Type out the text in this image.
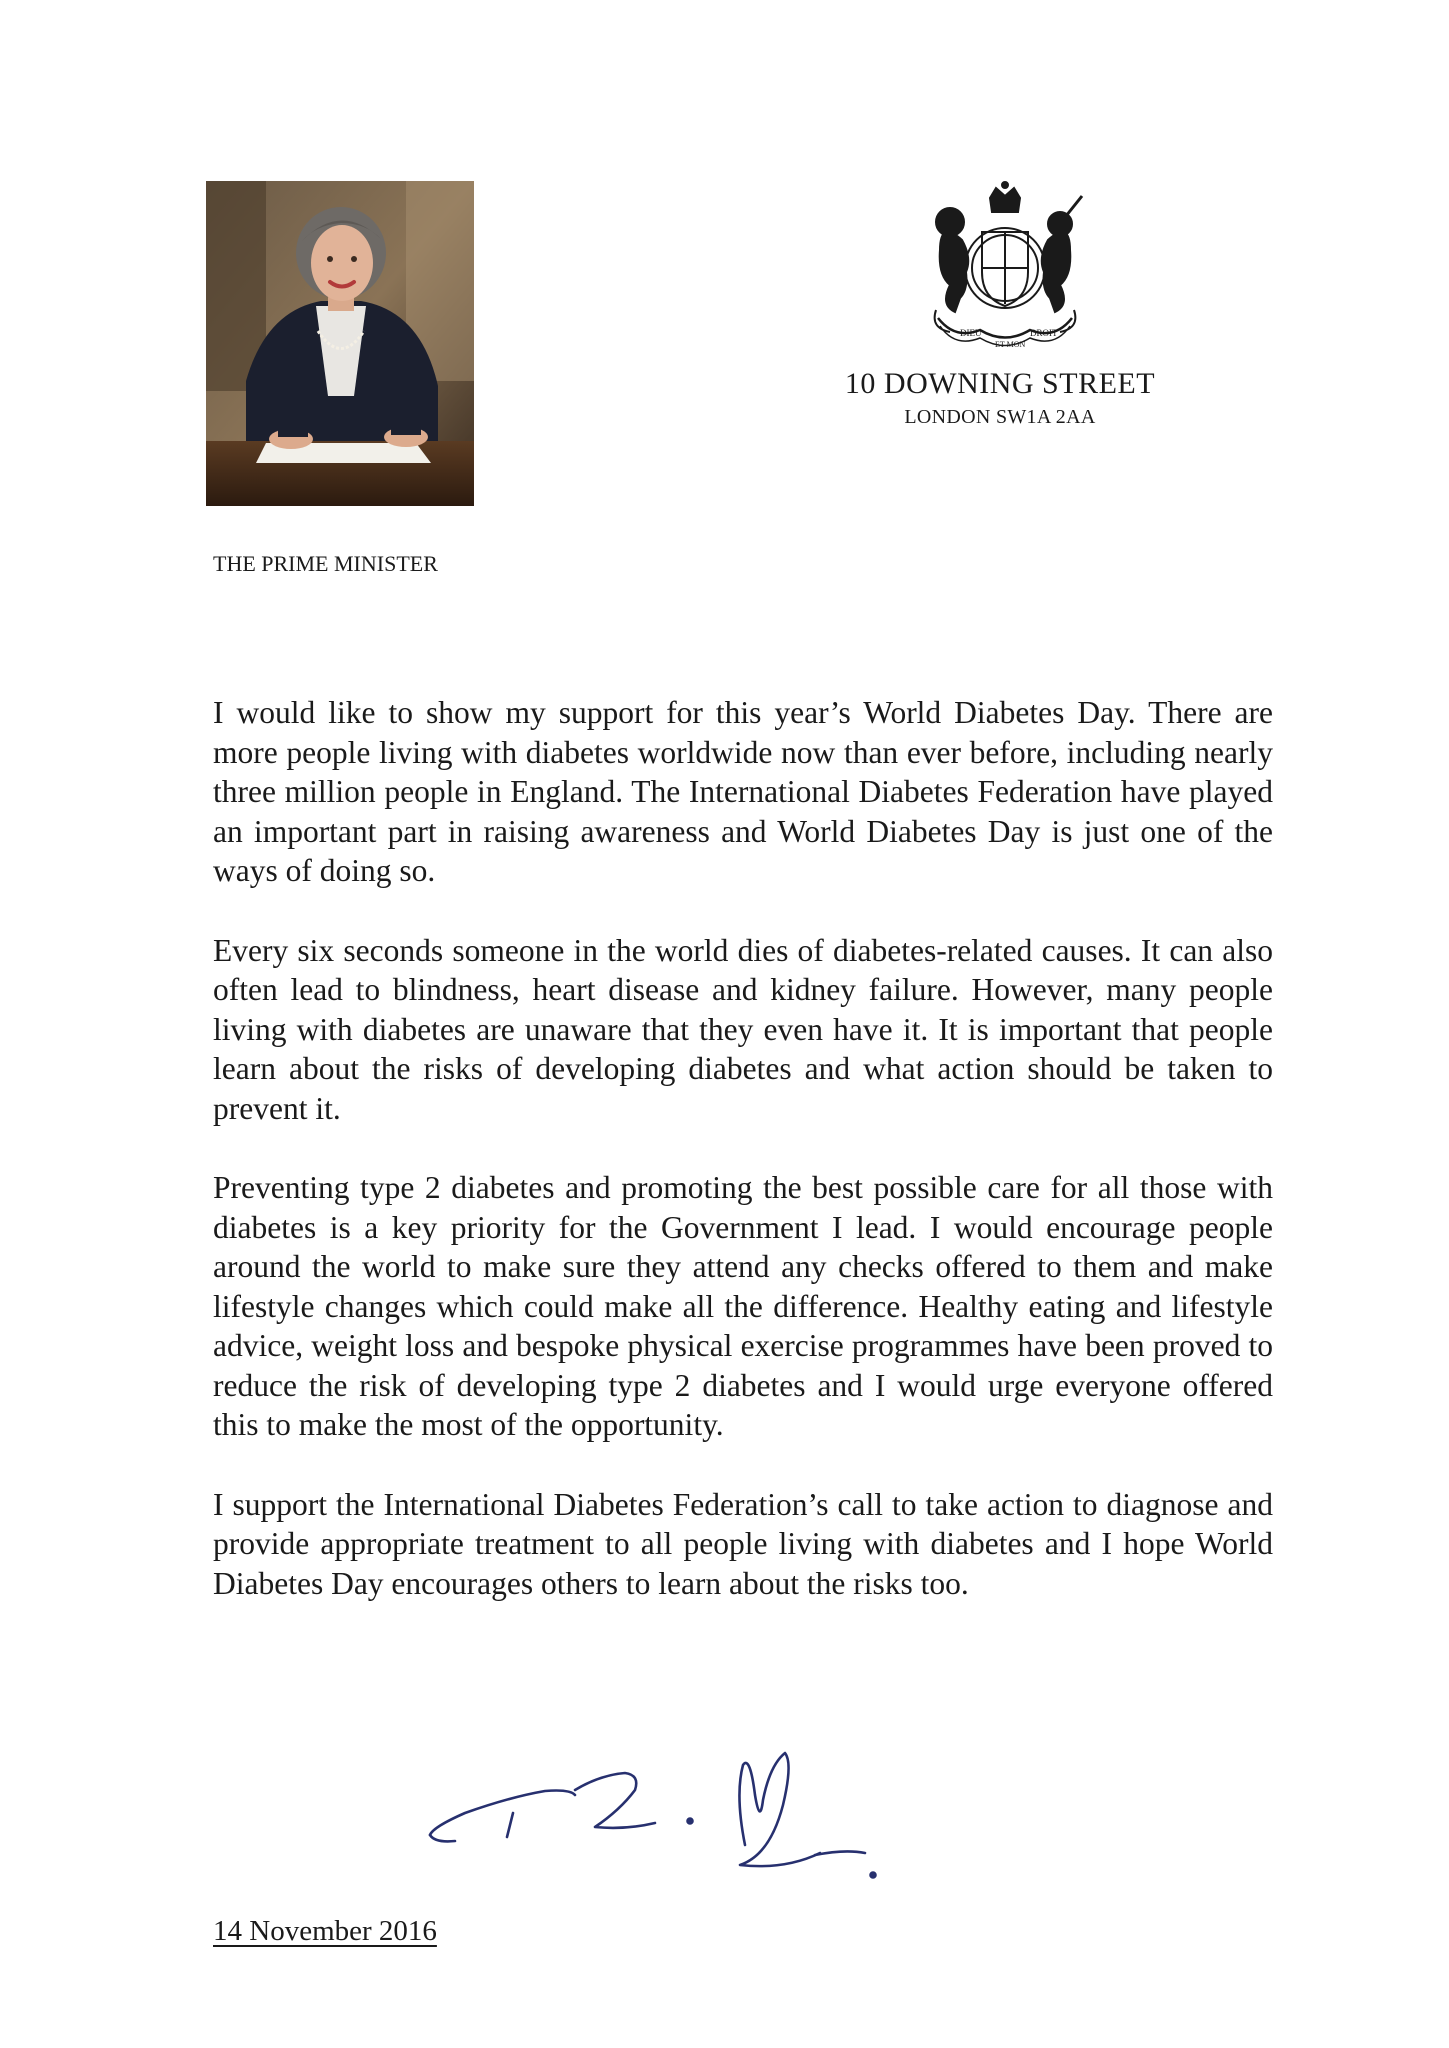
DIEU
ET MON
DROIT
10 DOWNING STREET
LONDON SW1A 2AA
THE PRIME MINISTER

I would like to show my support for this year’s World Diabetes Day. There are more people living with diabetes worldwide now than ever before, including nearly three million people in England. The International Diabetes Federation have played an important part in raising awareness and World Diabetes Day is just one of the ways of doing so.

Every six seconds someone in the world dies of diabetes-related causes. It can also often lead to blindness, heart disease and kidney failure. However, many people living with diabetes are unaware that they even have it. It is important that people learn about the risks of developing diabetes and what action should be taken to prevent it.

Preventing type 2 diabetes and promoting the best possible care for all those with diabetes is a key priority for the Government I lead. I would encourage people around the world to make sure they attend any checks offered to them and make lifestyle changes which could make all the difference. Healthy eating and lifestyle advice, weight loss and bespoke physical exercise programmes have been proved to reduce the risk of developing type 2 diabetes and I would urge everyone offered this to make the most of the opportunity.

I support the International Diabetes Federation’s call to take action to diagnose and provide appropriate treatment to all people living with diabetes and I hope World Diabetes Day encourages others to learn about the risks too.

14 November 2016
